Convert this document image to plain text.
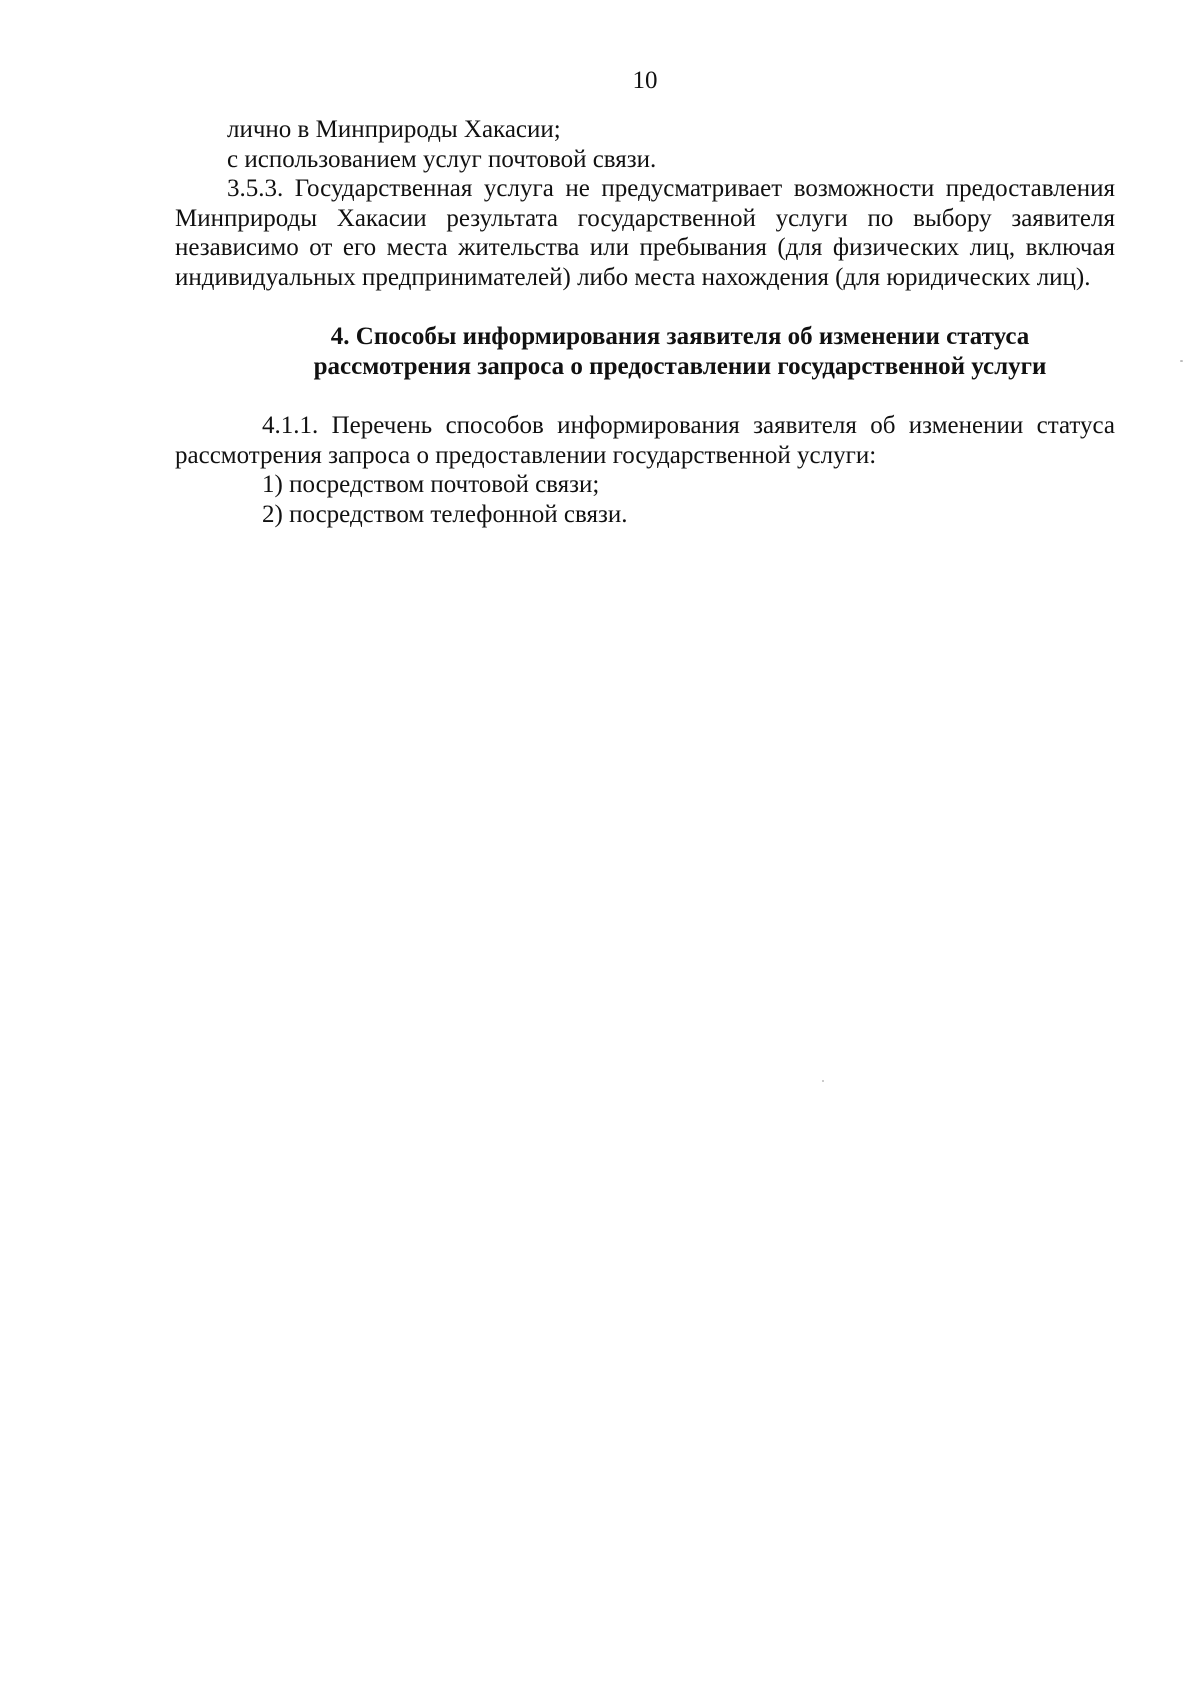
10

лично в Минприроды Хакасии;

с использованием услуг почтовой связи.

3.5.3. Государственная услуга не предусматривает возможности предоставления Минприроды Хакасии результата государственной услуги по выбору заявителя независимо от его места жительства или пребывания (для физических лиц, включая индивидуальных предпринимателей) либо места нахождения (для юридических лиц).

4. Способы информирования заявителя об изменении статуса
рассмотрения запроса о предоставлении государственной услуги

4.1.1. Перечень способов информирования заявителя об изменении статуса рассмотрения запроса о предоставлении государственной услуги:

1) посредством почтовой связи;

2) посредством телефонной связи.
